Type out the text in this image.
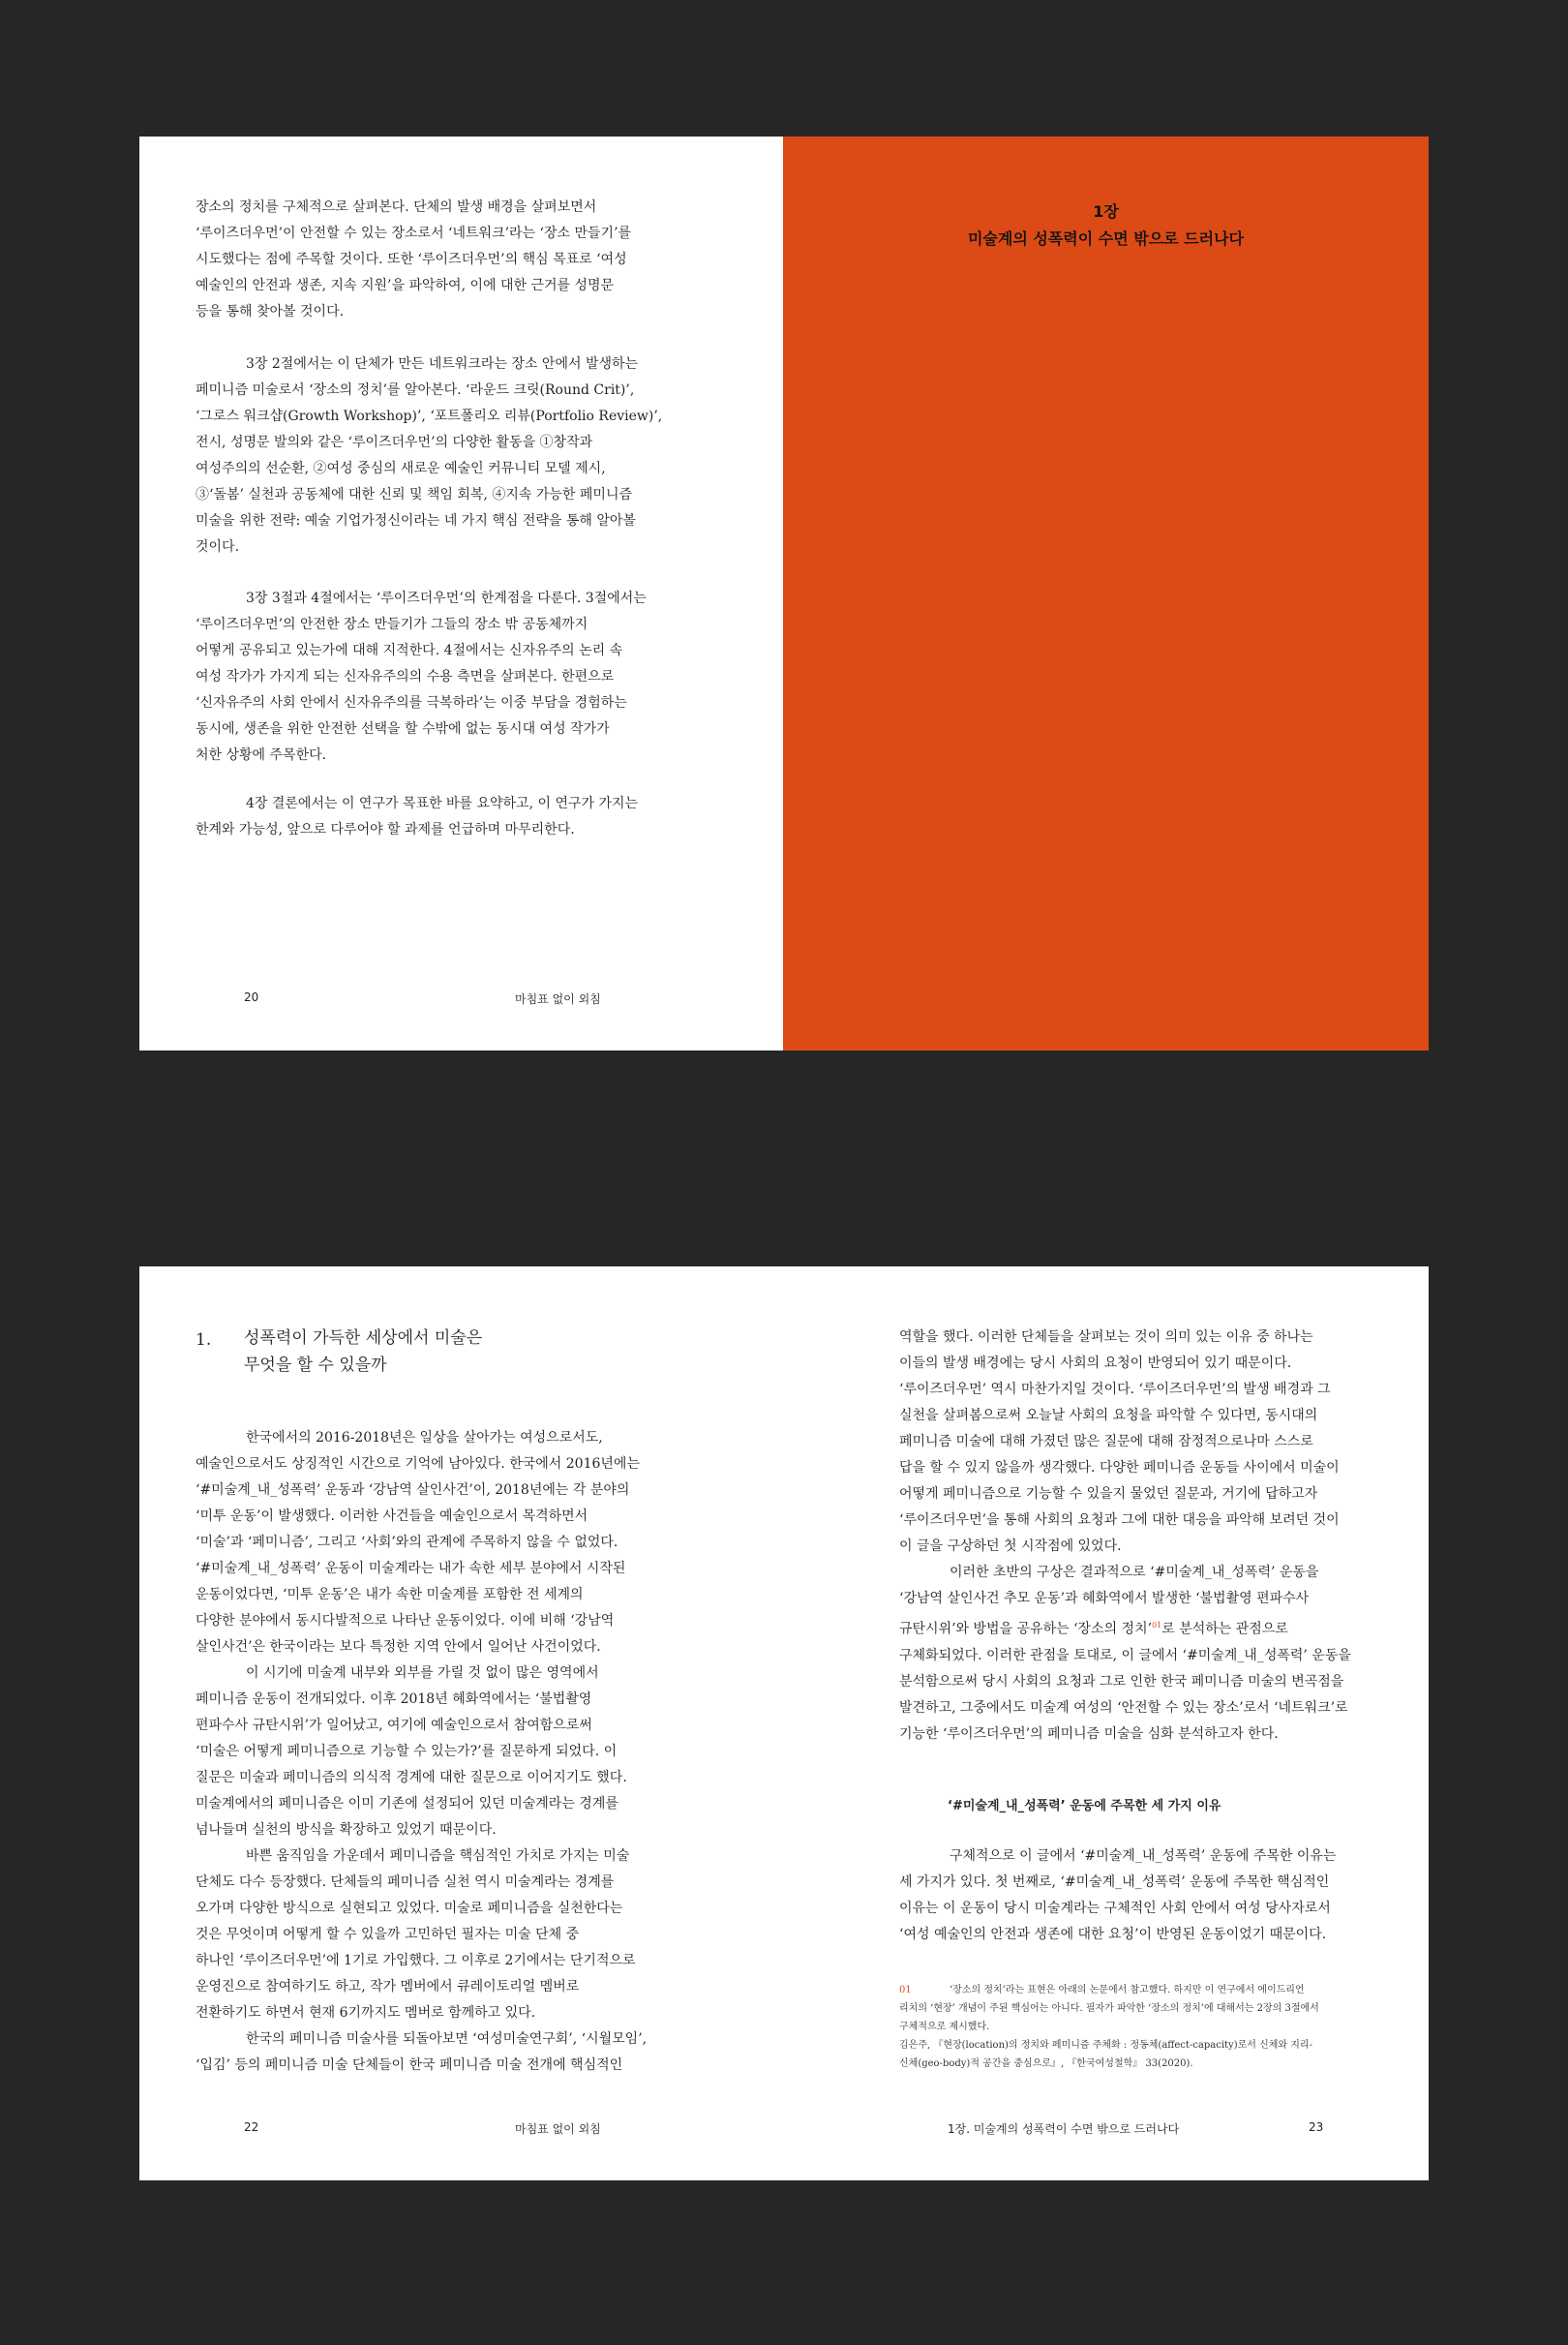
장소의 정치를 구체적으로 살펴본다. 단체의 발생 배경을 살펴보면서
‘루이즈더우먼’이 안전할 수 있는 장소로서 ‘네트워크’라는 ‘장소 만들기’를
시도했다는 점에 주목할 것이다. 또한 ‘루이즈더우먼’의 핵심 목표로 ‘여성
예술인의 안전과 생존, 지속 지원’을 파악하여, 이에 대한 근거를 성명문
등을 통해 찾아볼 것이다.

3장 2절에서는 이 단체가 만든 네트워크라는 장소 안에서 발생하는
페미니즘 미술로서 ‘장소의 정치’를 알아본다. ‘라운드 크릿(Round Crit)’,
‘그로스 워크샵(Growth Workshop)’, ‘포트폴리오 리뷰(Portfolio Review)’,
전시, 성명문 발의와 같은 ‘루이즈더우먼’의 다양한 활동을 ①창작과
여성주의의 선순환, ②여성 중심의 새로운 예술인 커뮤니티 모델 제시,
③‘돌봄’ 실천과 공동체에 대한 신뢰 및 책임 회복, ④지속 가능한 페미니즘
미술을 위한 전략: 예술 기업가정신이라는 네 가지 핵심 전략을 통해 알아볼
것이다.

3장 3절과 4절에서는 ‘루이즈더우먼’의 한계점을 다룬다. 3절에서는
‘루이즈더우먼’의 안전한 장소 만들기가 그들의 장소 밖 공동체까지
어떻게 공유되고 있는가에 대해 지적한다. 4절에서는 신자유주의 논리 속
여성 작가가 가지게 되는 신자유주의의 수용 측면을 살펴본다. 한편으로
‘신자유주의 사회 안에서 신자유주의를 극복하라’는 이중 부담을 경험하는
동시에, 생존을 위한 안전한 선택을 할 수밖에 없는 동시대 여성 작가가
처한 상황에 주목한다.

4장 결론에서는 이 연구가 목표한 바를 요약하고, 이 연구가 가지는
한계와 가능성, 앞으로 다루어야 할 과제를 언급하며 마무리한다.

20	마침표 없이 외침
1장
미술계의 성폭력이 수면 밖으로 드러나다
1. 성폭력이 가득한 세상에서 미술은
무엇을 할 수 있을까

한국에서의 2016-2018년은 일상을 살아가는 여성으로서도,
예술인으로서도 상징적인 시간으로 기억에 남아있다. 한국에서 2016년에는
‘#미술계_내_성폭력’ 운동과 ‘강남역 살인사건’이, 2018년에는 각 분야의
‘미투 운동’이 발생했다. 이러한 사건들을 예술인으로서 목격하면서
‘미술’과 ‘페미니즘’, 그리고 ‘사회’와의 관계에 주목하지 않을 수 없었다.
‘#미술계_내_성폭력’ 운동이 미술계라는 내가 속한 세부 분야에서 시작된
운동이었다면, ‘미투 운동’은 내가 속한 미술계를 포함한 전 세계의
다양한 분야에서 동시다발적으로 나타난 운동이었다. 이에 비해 ‘강남역
살인사건’은 한국이라는 보다 특정한 지역 안에서 일어난 사건이었다.

이 시기에 미술계 내부와 외부를 가릴 것 없이 많은 영역에서
페미니즘 운동이 전개되었다. 이후 2018년 혜화역에서는 ‘불법촬영
편파수사 규탄시위’가 일어났고, 여기에 예술인으로서 참여함으로써
‘미술은 어떻게 페미니즘으로 기능할 수 있는가?’를 질문하게 되었다. 이
질문은 미술과 페미니즘의 의식적 경계에 대한 질문으로 이어지기도 했다.
미술계에서의 페미니즘은 이미 기존에 설정되어 있던 미술계라는 경계를
넘나들며 실천의 방식을 확장하고 있었기 때문이다.

바쁜 움직임을 가운데서 페미니즘을 핵심적인 가치로 가지는 미술
단체도 다수 등장했다. 단체들의 페미니즘 실천 역시 미술계라는 경계를
오가며 다양한 방식으로 실현되고 있었다. 미술로 페미니즘을 실천한다는
것은 무엇이며 어떻게 할 수 있을까 고민하던 필자는 미술 단체 중
하나인 ‘루이즈더우먼’에 1기로 가입했다. 그 이후로 2기에서는 단기적으로
운영진으로 참여하기도 하고, 작가 멤버에서 큐레이토리얼 멤버로
전환하기도 하면서 현재 6기까지도 멤버로 함께하고 있다.

한국의 페미니즘 미술사를 되돌아보면 ‘여성미술연구회’, ‘시월모임’,
‘입김’ 등의 페미니즘 미술 단체들이 한국 페미니즘 미술 전개에 핵심적인

22	마침표 없이 외침

역할을 했다. 이러한 단체들을 살펴보는 것이 의미 있는 이유 중 하나는
이들의 발생 배경에는 당시 사회의 요청이 반영되어 있기 때문이다.
‘루이즈더우먼’ 역시 마찬가지일 것이다. ‘루이즈더우먼’의 발생 배경과 그
실천을 살펴봄으로써 오늘날 사회의 요청을 파악할 수 있다면, 동시대의
페미니즘 미술에 대해 가졌던 많은 질문에 대해 잠정적으로나마 스스로
답을 할 수 있지 않을까 생각했다. 다양한 페미니즘 운동들 사이에서 미술이
어떻게 페미니즘으로 기능할 수 있을지 물었던 질문과, 거기에 답하고자
‘루이즈더우먼’을 통해 사회의 요청과 그에 대한 대응을 파악해 보려던 것이
이 글을 구상하던 첫 시작점에 있었다.

이러한 초반의 구상은 결과적으로 ‘#미술계_내_성폭력’ 운동을
‘강남역 살인사건 추모 운동’과 혜화역에서 발생한 ‘불법촬영 편파수사
규탄시위’와 방법을 공유하는 ‘장소의 정치’$^{01}$로 분석하는 관점으로
구체화되었다. 이러한 관점을 토대로, 이 글에서 ‘#미술계_내_성폭력’ 운동을
분석함으로써 당시 사회의 요청과 그로 인한 한국 페미니즘 미술의 변곡점을
발견하고, 그중에서도 미술계 여성의 ‘안전할 수 있는 장소’로서 ‘네트워크’로
기능한 ‘루이즈더우먼’의 페미니즘 미술을 심화 분석하고자 한다.

‘#미술계_내_성폭력’ 운동에 주목한 세 가지 이유

구체적으로 이 글에서 ‘#미술계_내_성폭력’ 운동에 주목한 이유는
세 가지가 있다. 첫 번째로, ‘#미술계_내_성폭력’ 운동에 주목한 핵심적인
이유는 이 운동이 당시 미술계라는 구체적인 사회 안에서 여성 당사자로서
‘여성 예술인의 안전과 생존에 대한 요청’이 반영된 운동이었기 때문이다.

01	‘장소의 정치’라는 표현은 아래의 논문에서 참고했다. 하지만 이 연구에서 에이드리언
리치의 ‘현장’ 개념이 주된 핵심어는 아니다. 필자가 파악한 ‘장소의 정치’에 대해서는 2장의 3절에서
구체적으로 제시했다.
김은주, 『현장(location)의 정치와 페미니즘 주체화 : 정동체(affect-capacity)로서 신체와 지리-
신체(geo-body)적 공간을 중심으로』, 『한국여성철학』 33(2020).
1장. 미술계의 성폭력이 수면 밖으로 드러나다	23
